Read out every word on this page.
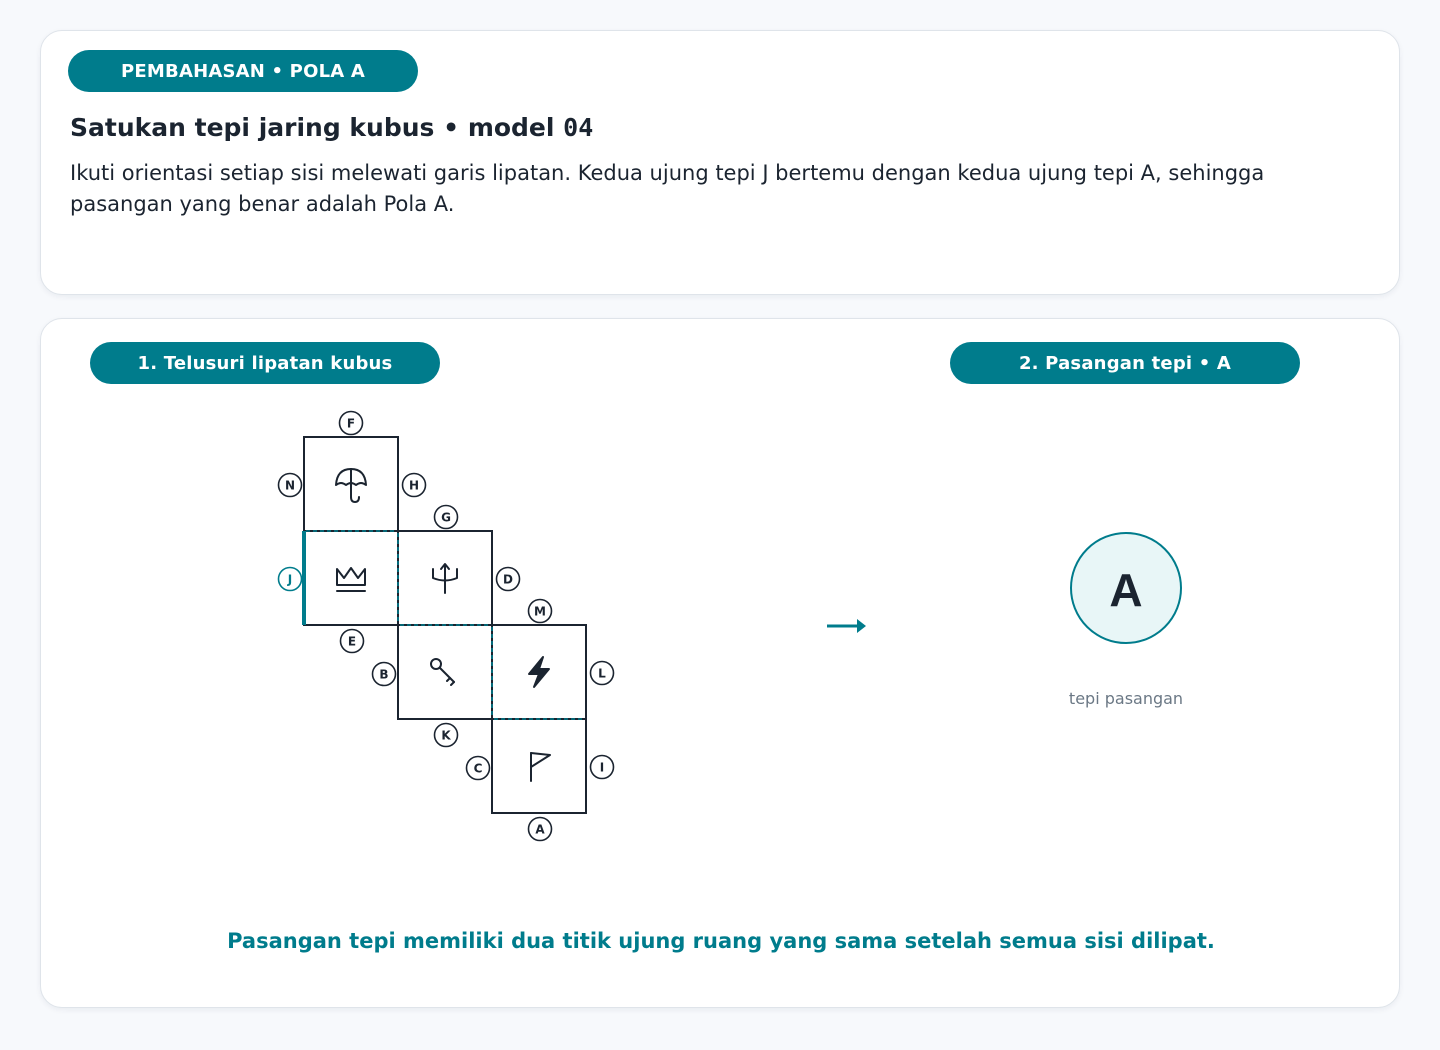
PEMBAHASAN • POLA A
Satukan tepi jaring kubus • model 04
Ikuti orientasi setiap sisi melewati garis lipatan. Kedua ujung tepi J bertemu dengan kedua ujung tepi A, sehingga pasangan yang benar adalah Pola A.
1. Telusuri lipatan kubus	2. Pasangan tepi • A
F
N	H
G
J	D
E
M
B	L
K
C	I
A
A
tepi pasangan
Pasangan tepi memiliki dua titik ujung ruang yang sama setelah semua sisi dilipat.
